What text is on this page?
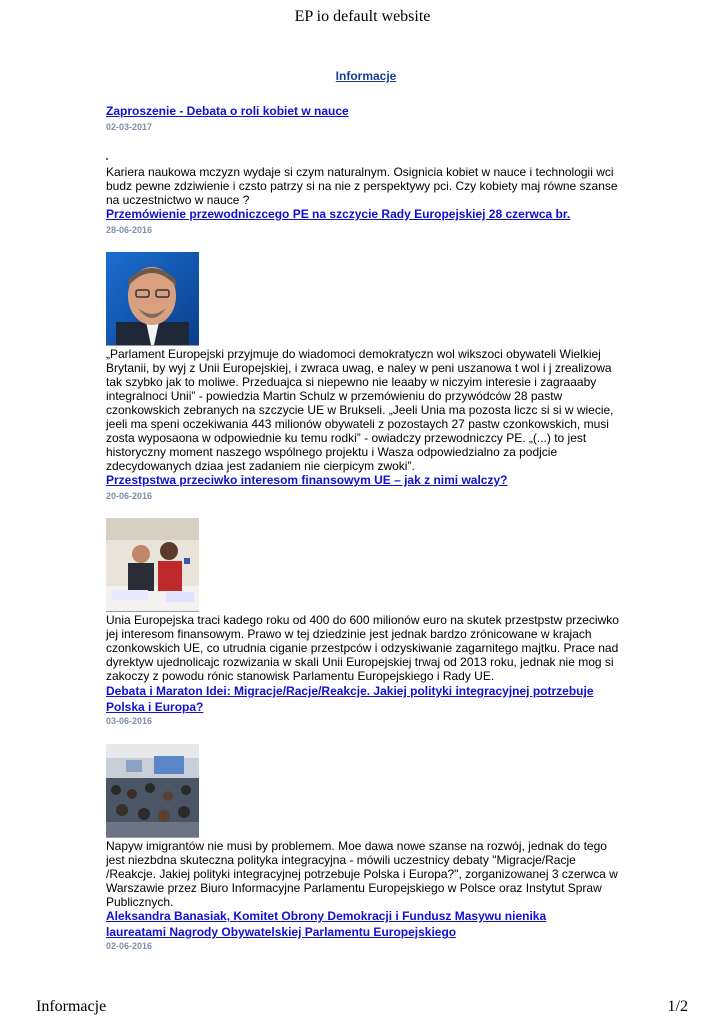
EP io default website
Informacje
Zaproszenie - Debata o roli kobiet w nauce
02-03-2017
Kariera naukowa mczyzn wydaje si czym naturalnym. Osignicia kobiet w nauce i technologii wci budz pewne zdziwienie i czsto patrzy si na nie z perspektywy pci. Czy kobiety maj równe szanse na uczestnictwo w nauce ?
Przemówienie przewodniczcego PE na szczycie Rady Europejskiej 28 czerwca br.
28-06-2016
„Parlament Europejski przyjmuje do wiadomoci demokratyczn wol wikszoci obywateli Wielkiej Brytanii, by wyj z Unii Europejskiej, i zwraca uwag, e naley w peni uszanowa t wol i j zrealizowa tak szybko jak to moliwe. Przeduajca si niepewno nie leaaby w niczyim interesie i zagraaaby integralnoci Unii” - powiedzia Martin Schulz w przemówieniu do przywódców 28 pastw czonkowskich zebranych na szczycie UE w Brukseli. „Jeeli Unia ma pozosta liczc si si w wiecie, jeeli ma speni oczekiwania 443 milionów obywateli z pozostaych 27 pastw czonkowskich, musi zosta wyposaona w odpowiednie ku temu rodki” - owiadczy przewodniczcy PE. „(...) to jest historyczny moment naszego wspólnego projektu i Wasza odpowiedzialno za podjcie zdecydowanych dziaa jest zadaniem nie cierpicym zwoki”.
Przestpstwa przeciwko interesom finansowym UE – jak z nimi walczy?
20-06-2016
Unia Europejska traci kadego roku od 400 do 600 milionów euro na skutek przestpstw przeciwko jej interesom finansowym. Prawo w tej dziedzinie jest jednak bardzo zrónicowane w krajach czonkowskich UE, co utrudnia ciganie przestpców i odzyskiwanie zagarnitego majtku. Prace nad dyrektyw ujednolicajc rozwizania w skali Unii Europejskiej trwaj od 2013 roku, jednak nie mog si zakoczy z powodu rónic stanowisk Parlamentu Europejskiego i Rady UE.
Debata i Maraton Idei: Migracje/Racje/Reakcje. Jakiej polityki integracyjnej potrzebuje Polska i Europa?
03-06-2016
Napyw imigrantów nie musi by problemem. Moe dawa nowe szanse na rozwój, jednak do tego jest niezbdna skuteczna polityka integracyjna - mówili uczestnicy debaty "Migracje/Racje /Reakcje. Jakiej polityki integracyjnej potrzebuje Polska i Europa?", zorganizowanej 3 czerwca w Warszawie przez Biuro Informacyjne Parlamentu Europejskiego w Polsce oraz Instytut Spraw Publicznych.
Aleksandra Banasiak, Komitet Obrony Demokracji i Fundusz Masywu nienika laureatami Nagrody Obywatelskiej Parlamentu Europejskiego
02-06-2016
Informacje	1/2
